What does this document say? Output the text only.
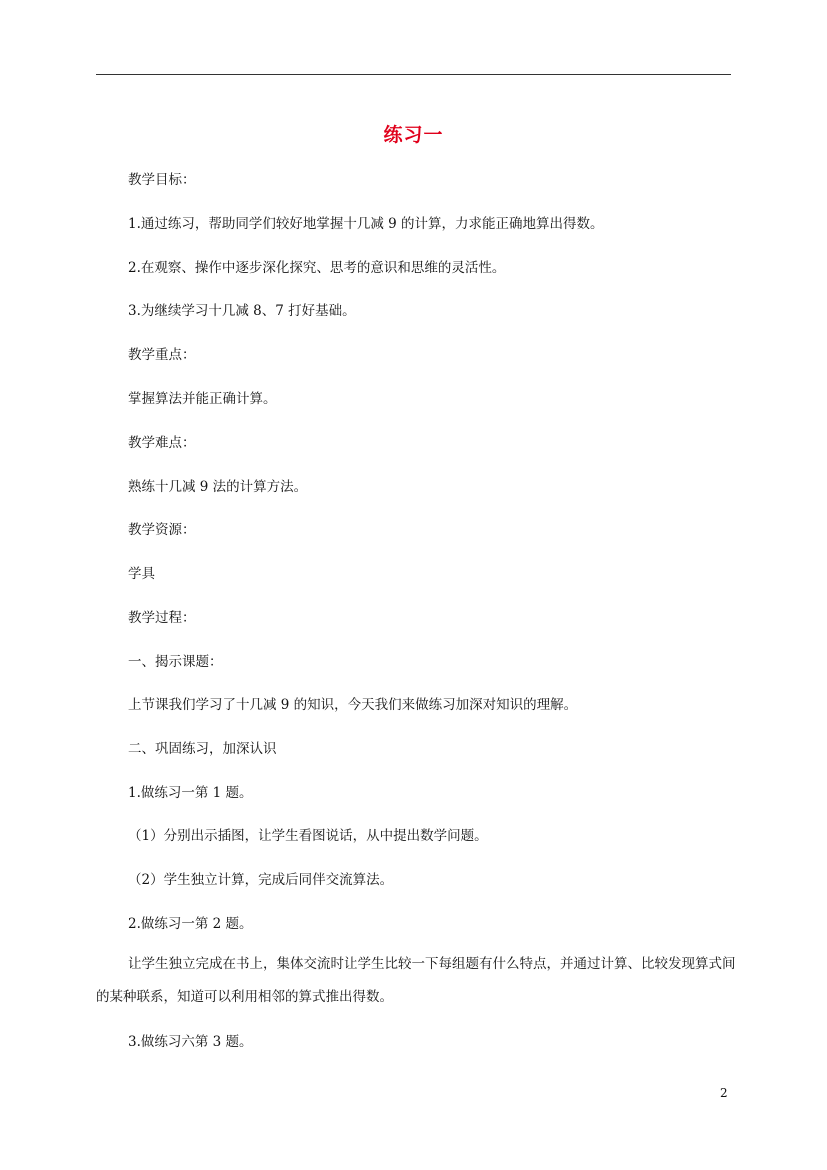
练习一
教学目标：
1.通过练习，帮助同学们较好地掌握十几减 9 的计算，力求能正确地算出得数。
2.在观察、操作中逐步深化探究、思考的意识和思维的灵活性。
3.为继续学习十几减 8、7 打好基础。
教学重点：
掌握算法并能正确计算。
教学难点：
熟练十几减 9 法的计算方法。
教学资源：
学具
教学过程：
一、揭示课题：
上节课我们学习了十几减 9 的知识，今天我们来做练习加深对知识的理解。
二、巩固练习，加深认识
1.做练习一第 1 题。
（1）分别出示插图，让学生看图说话，从中提出数学问题。
（2）学生独立计算，完成后同伴交流算法。
2.做练习一第 2 题。
让学生独立完成在书上，集体交流时让学生比较一下每组题有什么特点，并通过计算、比较发现算式间的某种联系，知道可以利用相邻的算式推出得数。
3.做练习六第 3 题。
2
